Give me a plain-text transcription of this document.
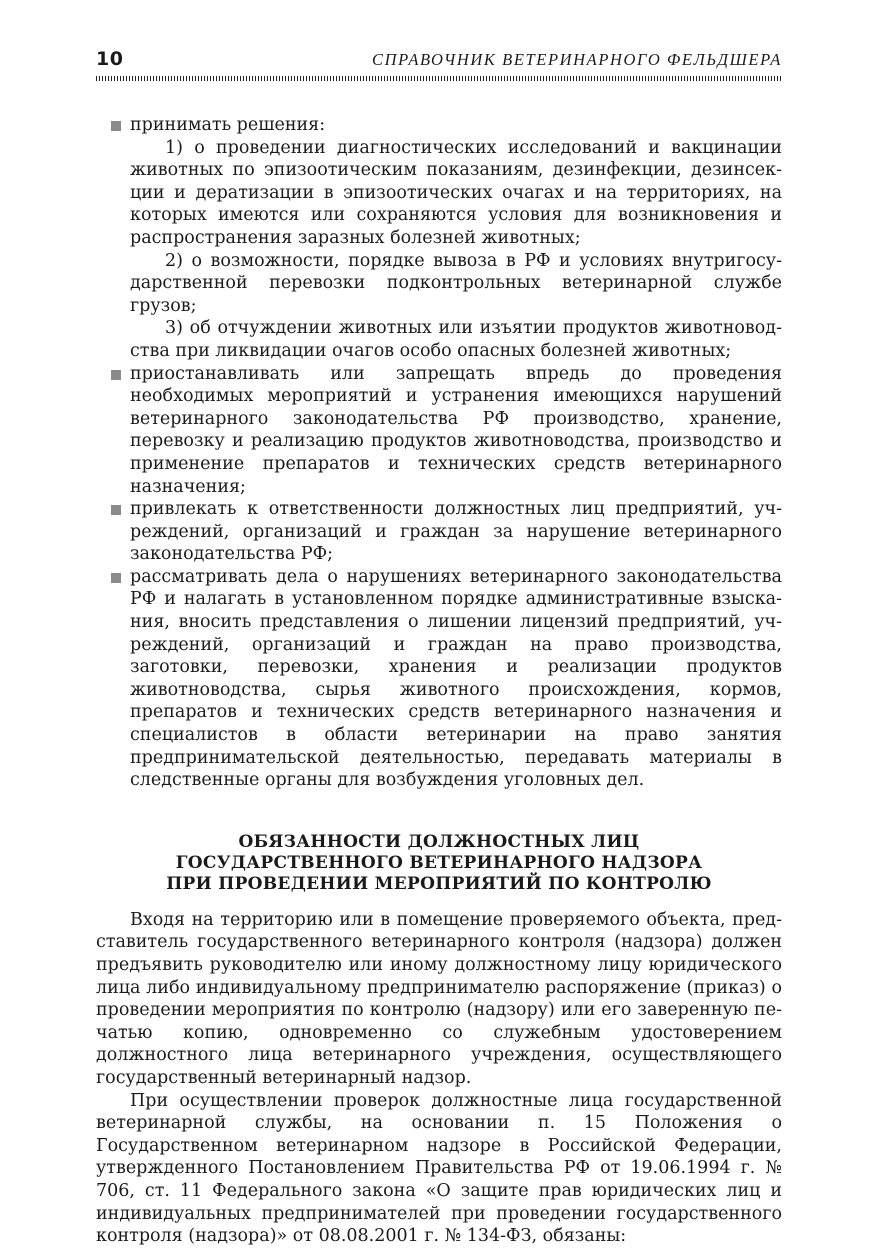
10	СПРАВОЧНИК ВЕТЕРИНАРНОГО ФЕЛЬДШЕРА
принимать решения:
1) о проведении диагностических исследований и вакцинации животных по эпизоотическим показаниям, дезинфекции, дезинсекции и дератизации в эпизоотических очагах и на территориях, на которых имеются или сохраняются условия для возникновения и распространения заразных болезней животных;
2) о возможности, порядке вывоза в РФ и условиях внутригосударственной перевозки подконтрольных ветеринарной службе грузов;
3) об отчуждении животных или изъятии продуктов животноводства при ликвидации очагов особо опасных болезней животных;
приостанавливать или запрещать впредь до проведения необходимых мероприятий и устранения имеющихся нарушений ветеринарного законодательства РФ производство, хранение, перевозку и реализацию продуктов животноводства, производство и применение препаратов и технических средств ветеринарного назначения;
привлекать к ответственности должностных лиц предприятий, учреждений, организаций и граждан за нарушение ветеринарного законодательства РФ;
рассматривать дела о нарушениях ветеринарного законодательства РФ и налагать в установленном порядке административные взыскания, вносить представления о лишении лицензий предприятий, учреждений, организаций и граждан на право производства, заготовки, перевозки, хранения и реализации продуктов животноводства, сырья животного происхождения, кормов, препаратов и технических средств ветеринарного назначения и специалистов в области ветеринарии на право занятия предпринимательской деятельностью, передавать материалы в следственные органы для возбуждения уголовных дел.
ОБЯЗАННОСТИ ДОЛЖНОСТНЫХ ЛИЦ
ГОСУДАРСТВЕННОГО ВЕТЕРИНАРНОГО НАДЗОРА
ПРИ ПРОВЕДЕНИИ МЕРОПРИЯТИЙ ПО КОНТРОЛЮ
Входя на территорию или в помещение проверяемого объекта, представитель государственного ветеринарного контроля (надзора) должен предъявить руководителю или иному должностному лицу юридического лица либо индивидуальному предпринимателю распоряжение (приказ) о проведении мероприятия по контролю (надзору) или его заверенную печатью копию, одновременно со служебным удостоверением должностного лица ветеринарного учреждения, осуществляющего государственный ветеринарный надзор.
При осуществлении проверок должностные лица государственной ветеринарной службы, на основании п. 15 Положения о Государственном ветеринарном надзоре в Российской Федерации, утвержденного Постановлением Правительства РФ от 19.06.1994 г. № 706, ст. 11 Федерального закона «О защите прав юридических лиц и индивидуальных предпринимателей при проведении государственного контроля (надзора)» от 08.08.2001 г. № 134-ФЗ, обязаны:
